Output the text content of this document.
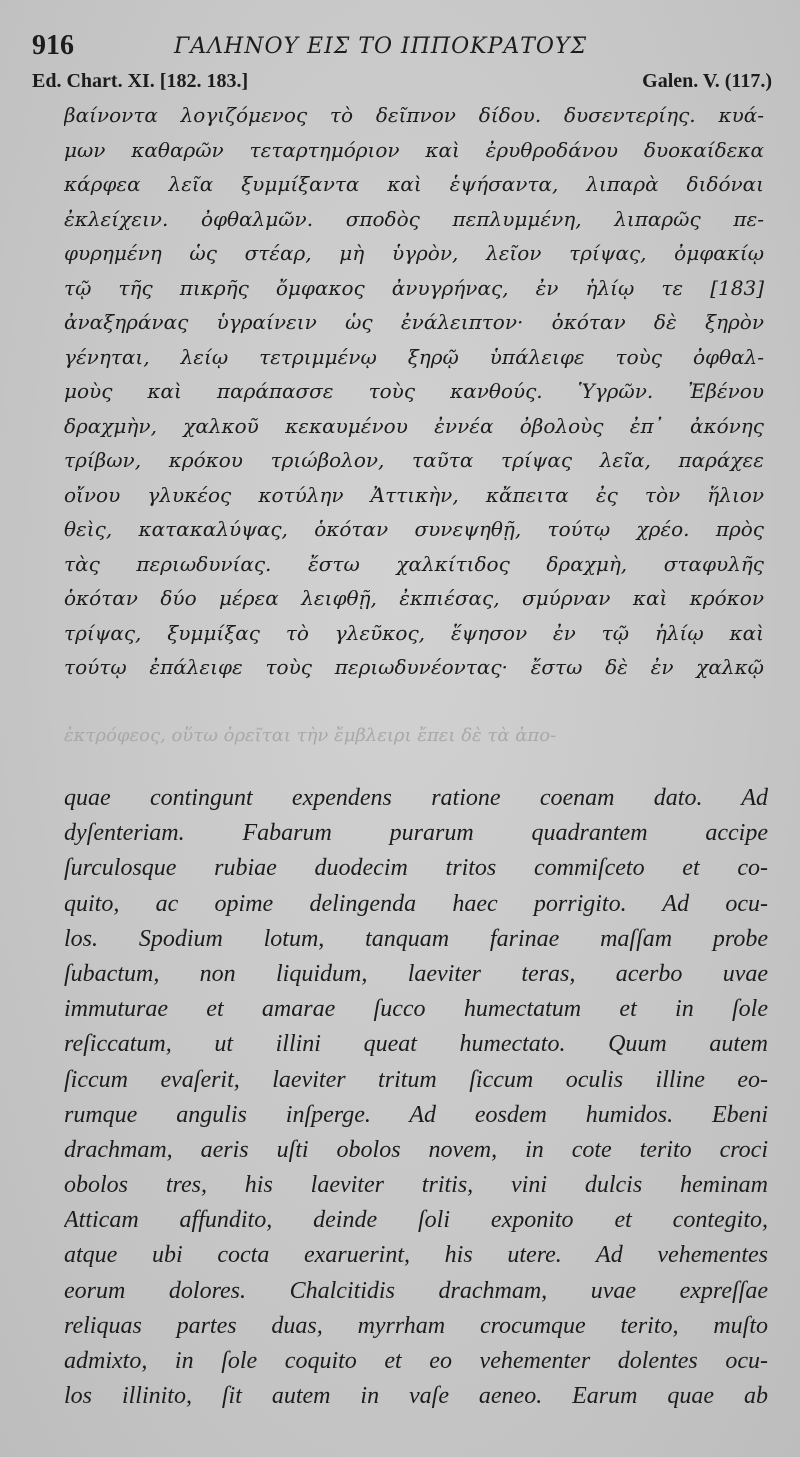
916	ΓΑΛΗΝΟΥ ΕΙΣ ΤΟ ΙΠΠΟΚΡΑΤΟΥΣ
Ed. Chart. XI. [182. 183.]	Galen. V. (117.)
βαίνοντα λογιζόμενος τὸ δεῖπνον δίδου. δυσεντερίης. κυά-
μων καθαρῶν τεταρτημόριον καὶ ἐρυθροδάνου δυοκαίδεκα
κάρφεα λεῖα ξυμμίξαντα καὶ ἑψήσαντα, λιπαρὰ διδόναι
ἐκλείχειν. ὀφθαλμῶν. σποδὸς πεπλυμμένη, λιπαρῶς πε-
φυρημένη ὡς στέαρ, μὴ ὑγρὸν, λεῖον τρίψας, ὀμφακίῳ
τῷ τῆς πικρῆς ὄμφακος ἀνυγρήνας, ἐν ἡλίῳ τε [183]
ἀναξηράνας ὑγραίνειν ὡς ἐνάλειπτον· ὁκόταν δὲ ξηρὸν
γένηται, λείῳ τετριμμένῳ ξηρῷ ὑπάλειφε τοὺς ὀφθαλ-
μοὺς καὶ παράπασσε τοὺς κανθούς. Ὑγρῶν. Ἐβένου
δραχμὴν, χαλκοῦ κεκαυμένου ἐννέα ὀβολοὺς ἐπ᾽ ἀκόνης
τρίβων, κρόκου τριώβολον, ταῦτα τρίψας λεῖα, παράχεε
οἴνου γλυκέος κοτύλην Ἀττικὴν, κἄπειτα ἐς τὸν ἥλιον
θεὶς, κατακαλύψας, ὁκόταν συνεψηθῇ, τούτῳ χρέο. πρὸς
τὰς περιωδυνίας. ἔστω χαλκίτιδος δραχμὴ, σταφυλῆς
ὁκόταν δύο μέρεα λειφθῇ, ἐκπιέσας, σμύρναν καὶ κρόκον
τρίψας, ξυμμίξας τὸ γλεῦκος, ἕψησον ἐν τῷ ἡλίῳ καὶ
τούτῳ ἐπάλειφε τοὺς περιωδυνέοντας· ἔστω δὲ ἐν χαλκῷ
ἐκτρόφεος, οὕτω ὀρεῖται τὴν ἔμβλειρι ἔπει δὲ τὰ ἀπο-
quae contingunt expendens ratione coenam dato. Ad
dyſenteriam. Fabarum purarum quadrantem accipe
ſurculosque rubiae duodecim tritos commiſceto et co-
quito, ac opime delingenda haec porrigito. Ad ocu-
los. Spodium lotum, tanquam farinae maſſam probe
ſubactum, non liquidum, laeviter teras, acerbo uvae
immuturae et amarae ſucco humectatum et in ſole
reſiccatum, ut illini queat humectato. Quum autem
ſiccum evaſerit, laeviter tritum ſiccum oculis illine eo-
rumque angulis inſperge. Ad eosdem humidos. Ebeni
drachmam, aeris uſti obolos novem, in cote terito croci
obolos tres, his laeviter tritis, vini dulcis heminam
Atticam affundito, deinde ſoli exponito et contegito,
atque ubi cocta exaruerint, his utere. Ad vehementes
eorum dolores. Chalcitidis drachmam, uvae expreſſae
reliquas partes duas, myrrham crocumque terito, muſto
admixto, in ſole coquito et eo vehementer dolentes ocu-
los illinito, ſit autem in vaſe aeneo. Earum quae ab
